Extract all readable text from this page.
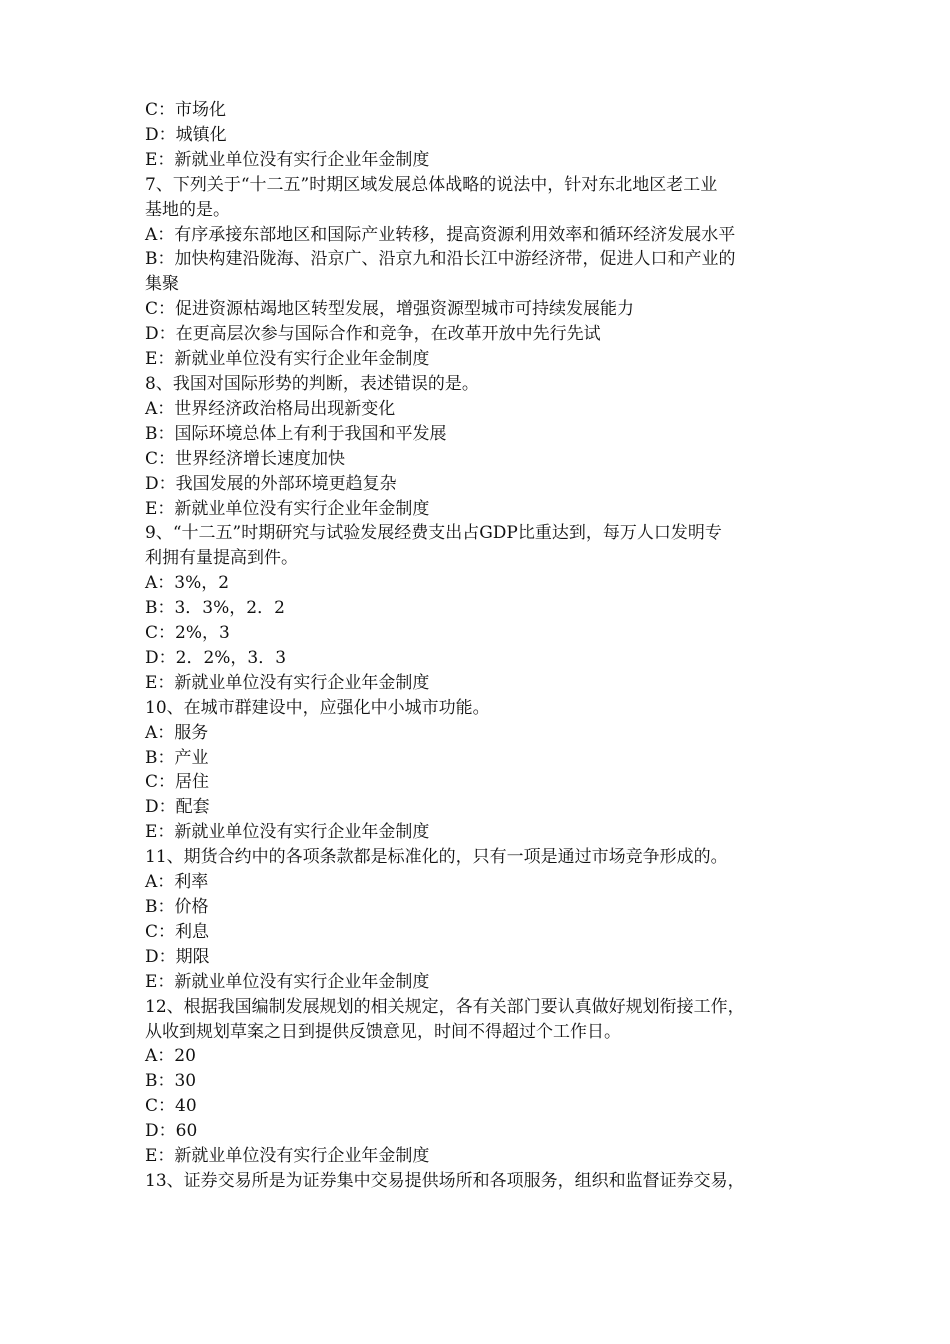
C：市场化
D：城镇化
E：新就业单位没有实行企业年金制度
7、下列关于“十二五”时期区域发展总体战略的说法中，针对东北地区老工业
基地的是。
A：有序承接东部地区和国际产业转移，提高资源利用效率和循环经济发展水平
B：加快构建沿陇海、沿京广、沿京九和沿长江中游经济带，促进人口和产业的
集聚
C：促进资源枯竭地区转型发展，增强资源型城市可持续发展能力
D：在更高层次参与国际合作和竞争，在改革开放中先行先试
E：新就业单位没有实行企业年金制度
8、我国对国际形势的判断，表述错误的是。
A：世界经济政治格局出现新变化
B：国际环境总体上有利于我国和平发展
C：世界经济增长速度加快
D：我国发展的外部环境更趋复杂
E：新就业单位没有实行企业年金制度
9、“十二五”时期研究与试验发展经费支出占GDP比重达到，每万人口发明专
利拥有量提高到件。
A：3%，2
B：3．3%，2．2
C：2%，3
D：2．2%，3．3
E：新就业单位没有实行企业年金制度
10、在城市群建设中，应强化中小城市功能。
A：服务
B：产业
C：居住
D：配套
E：新就业单位没有实行企业年金制度
11、期货合约中的各项条款都是标准化的，只有一项是通过市场竞争形成的。
A：利率
B：价格
C：利息
D：期限
E：新就业单位没有实行企业年金制度
12、根据我国编制发展规划的相关规定，各有关部门要认真做好规划衔接工作，
从收到规划草案之日到提供反馈意见，时间不得超过个工作日。
A：20
B：30
C：40
D：60
E：新就业单位没有实行企业年金制度
13、证券交易所是为证券集中交易提供场所和各项服务，组织和监督证券交易，
